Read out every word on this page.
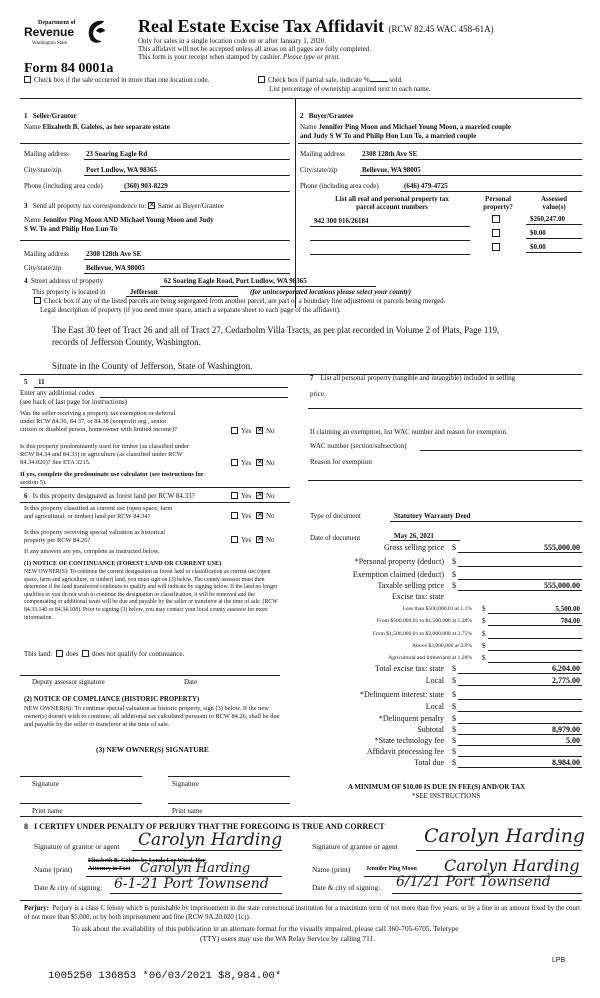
Department of
Revenue
Washington State
Form 84 0001a
Real Estate Excise Tax Affidavit (RCW 82.45 WAC 458-61A)
Only for sales in a single location code on or after January 1, 2020.
This affidavit will not be accepted unless all areas on all pages are fully completed.
This form is your receipt when stamped by cashier. Please type or print.
Check box if the sale occurred in more than one location code.	Check box if partial sale, indicate %	sold.
List percentage of ownership acquired next to each name.
1 Seller/Grantor
Name Elizabeth B. Galeles, as her separate estate
Mailing address 23 Soaring Eagle Rd
City/state/zip	Port Ludlow, WA 98365
Phone (including area code)	(360) 903-8229
2 Buyer/Grantee
Name Jennifer Ping Moon and Michael Young Moon, a married couple
and Judy S W To and Philip Hon Lun To, a married couple
Mailing address 2308 128th Ave SE
City/state/zip	Bellevue, WA 98005
Phone (including area code)	(646) 479-4725
3 Send all property tax correspondence to: ✕ Same as Buyer/Grantee
Name Jennifer Ping Moon AND Michael Young Moon and Judy
S W. To and Philip Hon Lun To
Mailing address 2308 128th Ave SE
City/state/zip	Bellevue, WA 98005
List all real and personal property tax
parcel account numbers
Personal
property?
Assessed
value(s)
942 300 016/26184	$260,247.00
$0.00
$0.00
4 Street address of property	62 Soaring Eagle Road, Port Ludlow, WA 98365
This property is located in	Jefferson	(for unincorporated locations please select your county)
Check box if any of the listed parcels are being segregated from another parcel, are part of a boundary line adjustment or parcels being merged.
Legal description of property (if you need more space, attach a separate sheet to each page of the affidavit).
The East 30 feet of Tract 26 and all of Tract 27, Cedarholm Villa Tracts, as per plat recorded in Volume 2 of Plats, Page 119,
records of Jefferson County, Washington.
Situate in the County of Jefferson, State of Washington.
5 11
Enter any additional codes
(see back of last page for instructions)
Was the seller receiving a property tax exemption or deferral
under RCW 84.36, 84.37, or 84.38 (nonprofit org., senior
citizen or disabled person, homeowner with limited income)?	Yes ✕ No
Is this property predominantly used for timber (as classified under
RCW 84.34 and 84.33) or agriculture (as classified under RCW
84.34.020)? See ETA 3215.	Yes ✕ No
If yes, complete the predominate use calculator (see instructions for
section 5).
6 Is this property designated as forest land per RCW 84.33?	Yes ✕ No
Is this property classified as current use (open space, farm
and agricultural, or timber) land per RCW 84.34?	Yes ✕ No
Is this property receiving special valuation as historical
property per RCW 84.26?	Yes ✕ No
If any answers are yes, complete as instructed below.
(1) NOTICE OF CONTINUANCE (FOREST LAND OR CURRENT USE)
NEW OWNER(S): To continue the current designation as forest land or classification as current use (open space, farm and agriculture, or timber) land, you must sign on (3) below. The county assessor must then determine if the land transferred continues to qualify and will indicate by signing below. If the land no longer qualifies or you do not wish to continue the designation or classification, it will be removed and the compensating or additional taxes will be due and payable by the seller or transferor at the time of sale. (RCW 84.33.140 or 84.34.108). Prior to signing (3) below, you may contact your local county assessor for more information.
This land: does does not qualify for continuance.
Deputy assessor signature	Date
(2) NOTICE OF COMPLIANCE (HISTORIC PROPERTY)
NEW OWNER(S): To continue special valuation as historic property, sign (3) below. If the new owner(s) doesn't wish to continue, all additional tax calculated pursuant to RCW 84.26, shall be due and payable by the seller or transferor at the time of sale.
(3) NEW OWNER(S) SIGNATURE
Signature	Signature
Print name	Print name
7 List all personal property (tangible and intangible) included in selling
price.
If claiming an exemption, list WAC number and reason for exemption.
WAC number (section/subsection)
Reason for exemption
Type of document	Statutory Warranty Deed
Date of document	May 26, 2021
Gross selling price $	555,000.00
*Personal property (deduct) $
Exemption claimed (deduct) $
Taxable selling price $	555,000.00
Excise tax: state
Less than $500,000.01 at 1.1% $	5,500.00
From $500,000.01 to $1,500,000 at 1.28% $	704.00
From $1,500,000.01 to $3,000,000 at 2.75% $
Above $3,000,000 at 3.0% $
Agricultural and timberland at 1.28% $
Total excise tax: state $	6,204.00
Local $	2,775.00
*Delinquent interest: state $
Local $
*Delinquent penalty $
Subtotal $	8,979.00
*State technology fee $	5.00
Affidavit processing fee $
Total due $	8,984.00
A MINIMUM OF $10.00 IS DUE IN FEE(S) AND/OR TAX
*SEE INSTRUCTIONS
8 I CERTIFY UNDER PENALTY OF PERJURY THAT THE FOREGOING IS TRUE AND CORRECT
Signature of grantor or agent Carolyn Harding	Signature of grantee or agent Carolyn Harding
Name (print)
Elizabeth B. Galeles by Lynda Lee Wood, Her
Attorney in Fact Carolyn Harding	Name (print)	Jennifer Ping Moon Carolyn Harding
Date & city of signing: 6-1-21 Port Townsend	Date & city of signing: 6/1/21 Port Townsend
Perjury: Perjury is a class C felony which is punishable by imprisonment in the state correctional institution for a maximum term of not more than five years, or by a fine in an amount fixed by the court of not more than $5,000, or by both imprisonment and fine (RCW 9A.20.020 (1c)).
To ask about the availability of this publication in an alternate format for the visually impaired, please call 360-705-6705. Teletype
(TTY) users may use the WA Relay Service by calling 711.
LPB
1005250 136853 *06/03/2021 $8,984.00*
